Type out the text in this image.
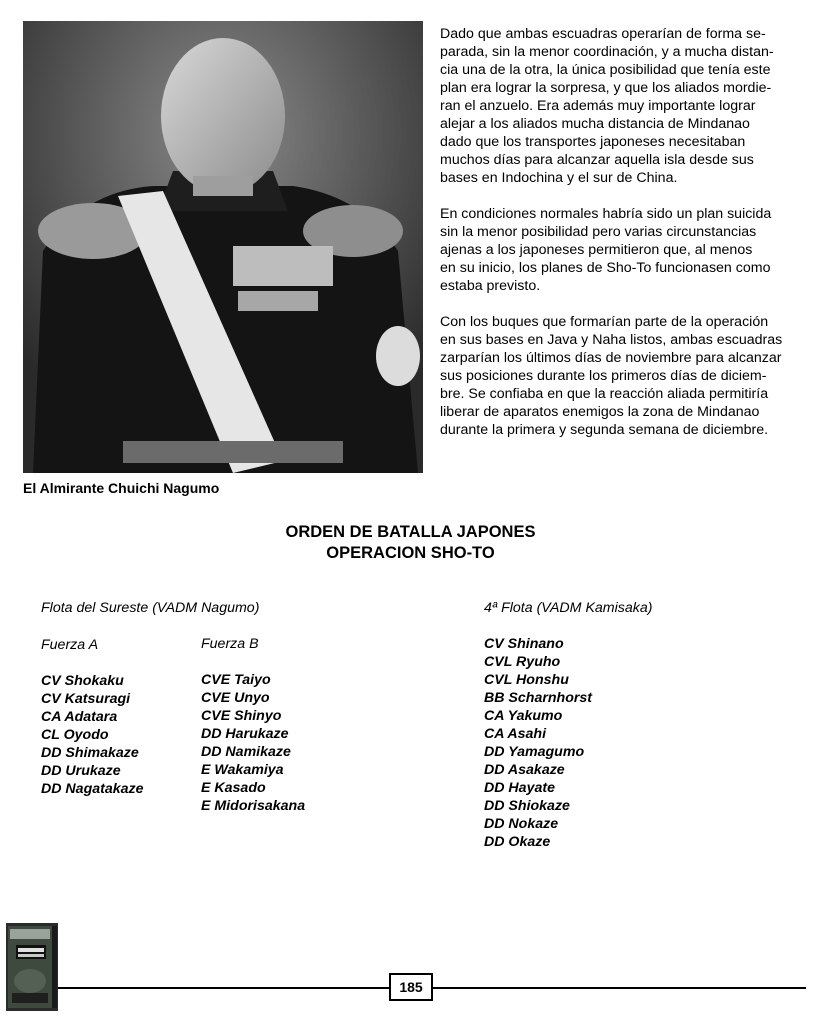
El Almirante Chuichi Nagumo

Dado que ambas escuadras operarían de forma se-
parada, sin la menor coordinación, y a mucha distan-
cia una de la otra, la única posibilidad que tenía este
plan era lograr la sorpresa, y que los aliados mordie-
ran el anzuelo. Era además muy importante lograr
alejar a los aliados mucha distancia de Mindanao
dado que los transportes japoneses necesitaban
muchos días para alcanzar aquella isla desde sus
bases en Indochina y el sur de China.

En condiciones normales habría sido un plan suicida
sin la menor posibilidad pero varias circunstancias
ajenas a los japoneses permitieron que, al menos
en su inicio, los planes de Sho-To funcionasen como
estaba previsto.

Con los buques que formarían parte de la operación
en sus bases en Java y Naha listos, ambas escuadras
zarparían los últimos días de noviembre para alcanzar
sus posiciones durante los primeros días de diciem-
bre. Se confiaba en que la reacción aliada permitiría
liberar de aparatos enemigos la zona de Mindanao
durante la primera y segunda semana de diciembre.

ORDEN DE BATALLA JAPONES
OPERACION SHO-TO
Flota del Sureste (VADM Nagumo)
Fuerza A
CV Shokaku
CV Katsuragi
CA Adatara
CL Oyodo
DD Shimakaze
DD Urukaze
DD Nagatakaze
Fuerza B
CVE Taiyo
CVE Unyo
CVE Shinyo
DD Harukaze
DD Namikaze
E Wakamiya
E Kasado
E Midorisakana
4ª Flota (VADM Kamisaka)
CV Shinano
CVL Ryuho
CVL Honshu
BB Scharnhorst
CA Yakumo
CA Asahi
DD Yamagumo
DD Asakaze
DD Hayate
DD Shiokaze
DD Nokaze
DD Okaze
185
